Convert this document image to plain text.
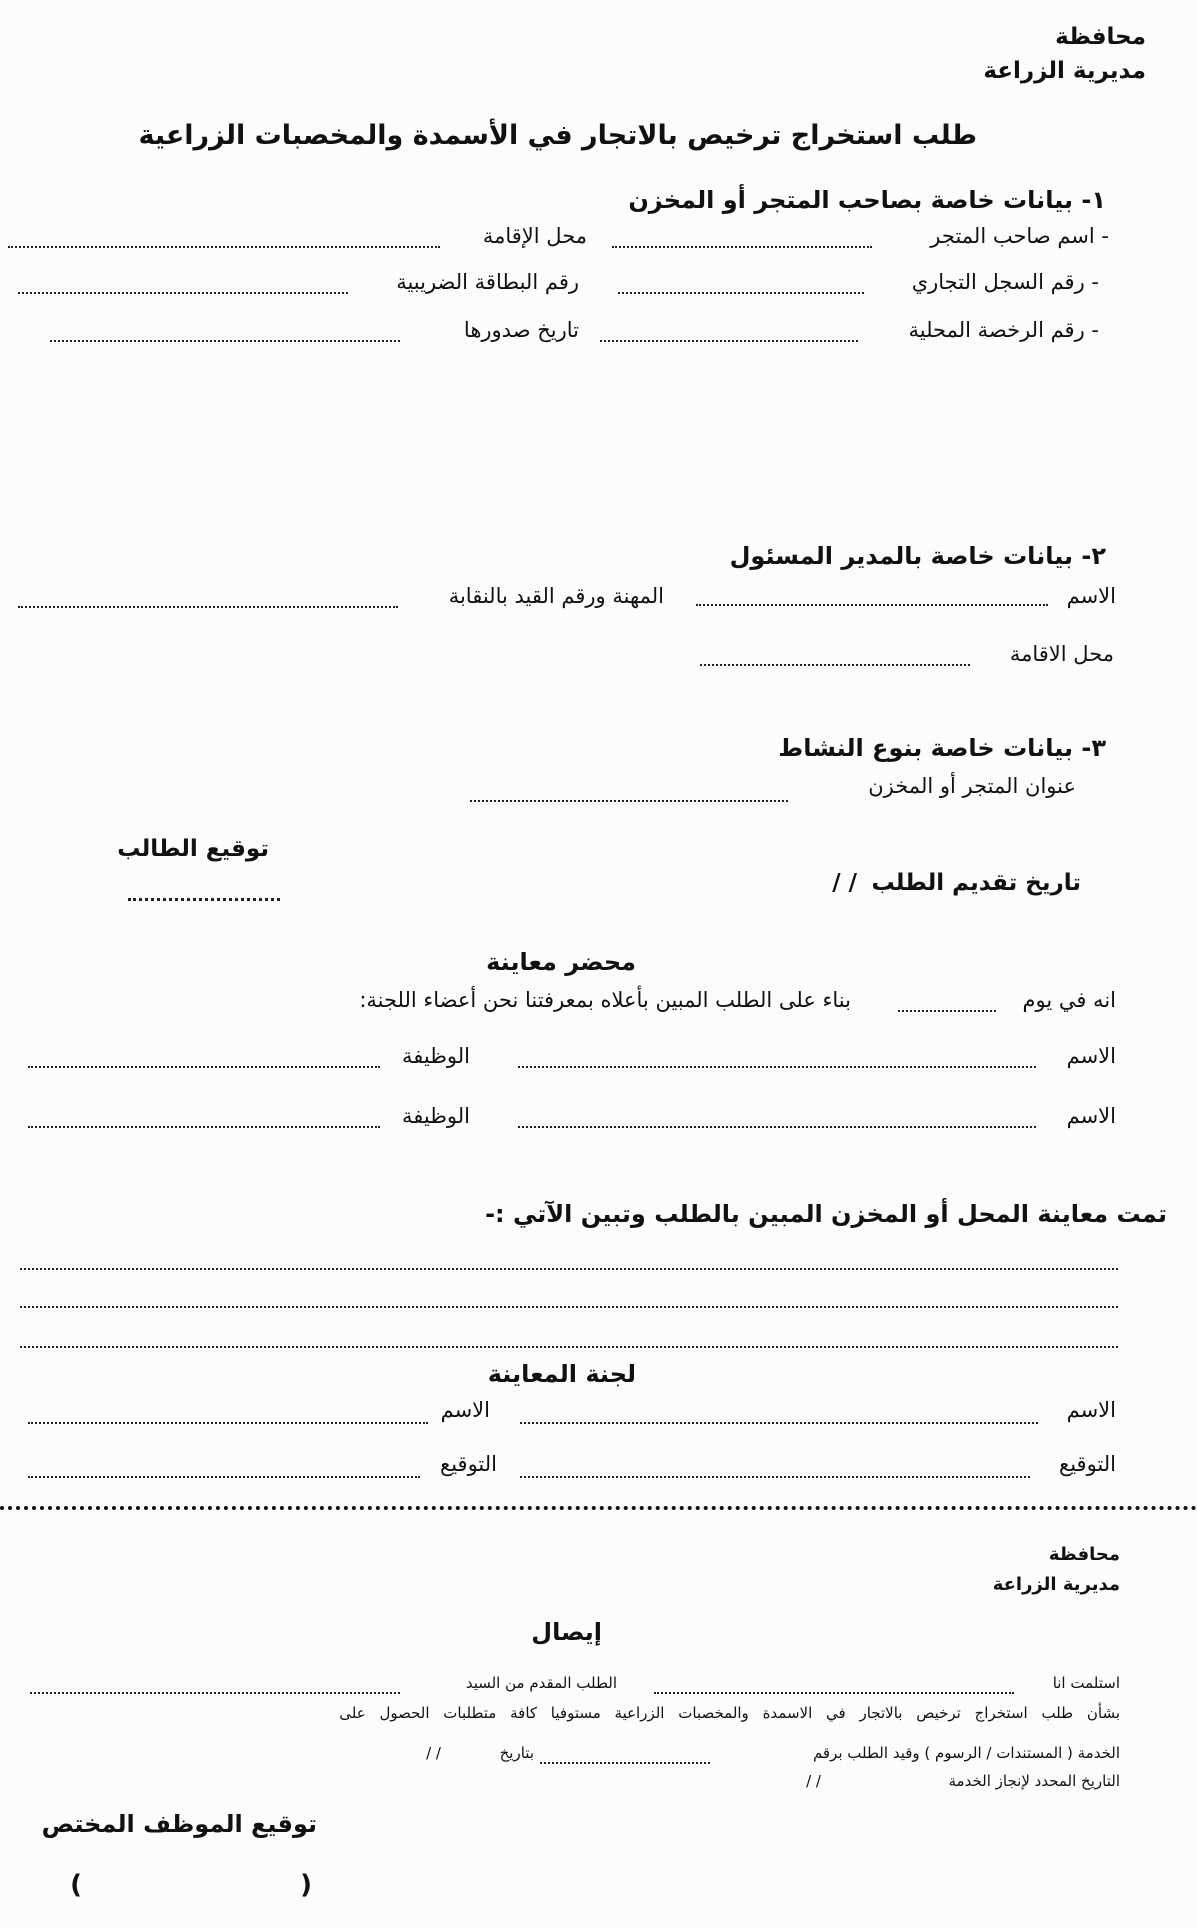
محافظة
مديرية الزراعة
طلب استخراج ترخيص بالاتجار في الأسمدة والمخصبات الزراعية
١- بيانات خاصة بصاحب المتجر أو المخزن
- اسم صاحب المتجر
محل الإقامة
- رقم السجل التجاري
رقم البطاقة الضريبية
- رقم الرخصة المحلية
تاريخ صدورها
٢- بيانات خاصة بالمدير المسئول
الاسم
المهنة ورقم القيد بالنقابة
محل الاقامة
٣- بيانات خاصة بنوع النشاط
عنوان المتجر أو المخزن
توقيع الطالب
تاريخ تقديم الطلب
/ /
محضر معاينة
انه في يوم
بناء على الطلب المبين بأعلاه بمعرفتنا نحن أعضاء اللجنة:
الاسم
الوظيفة
الاسم
الوظيفة
تمت معاينة المحل أو المخزن المبين بالطلب وتبين الآتي :-
لجنة المعاينة
الاسم
الاسم
التوقيع
التوقيع
محافظة
مديرية الزراعة
إيصال
استلمت انا
الطلب المقدم من السيد
بشأن طلب استخراج ترخيص بالاتجار في الاسمدة والمخصبات الزراعية مستوفيا كافة متطلبات الحصول على
الخدمة ( المستندات / الرسوم ) وقيد الطلب برقم
بتاريخ
/ /
التاريخ المحدد لإنجاز الخدمة
/ /
توقيع الموظف المختص
(
)
